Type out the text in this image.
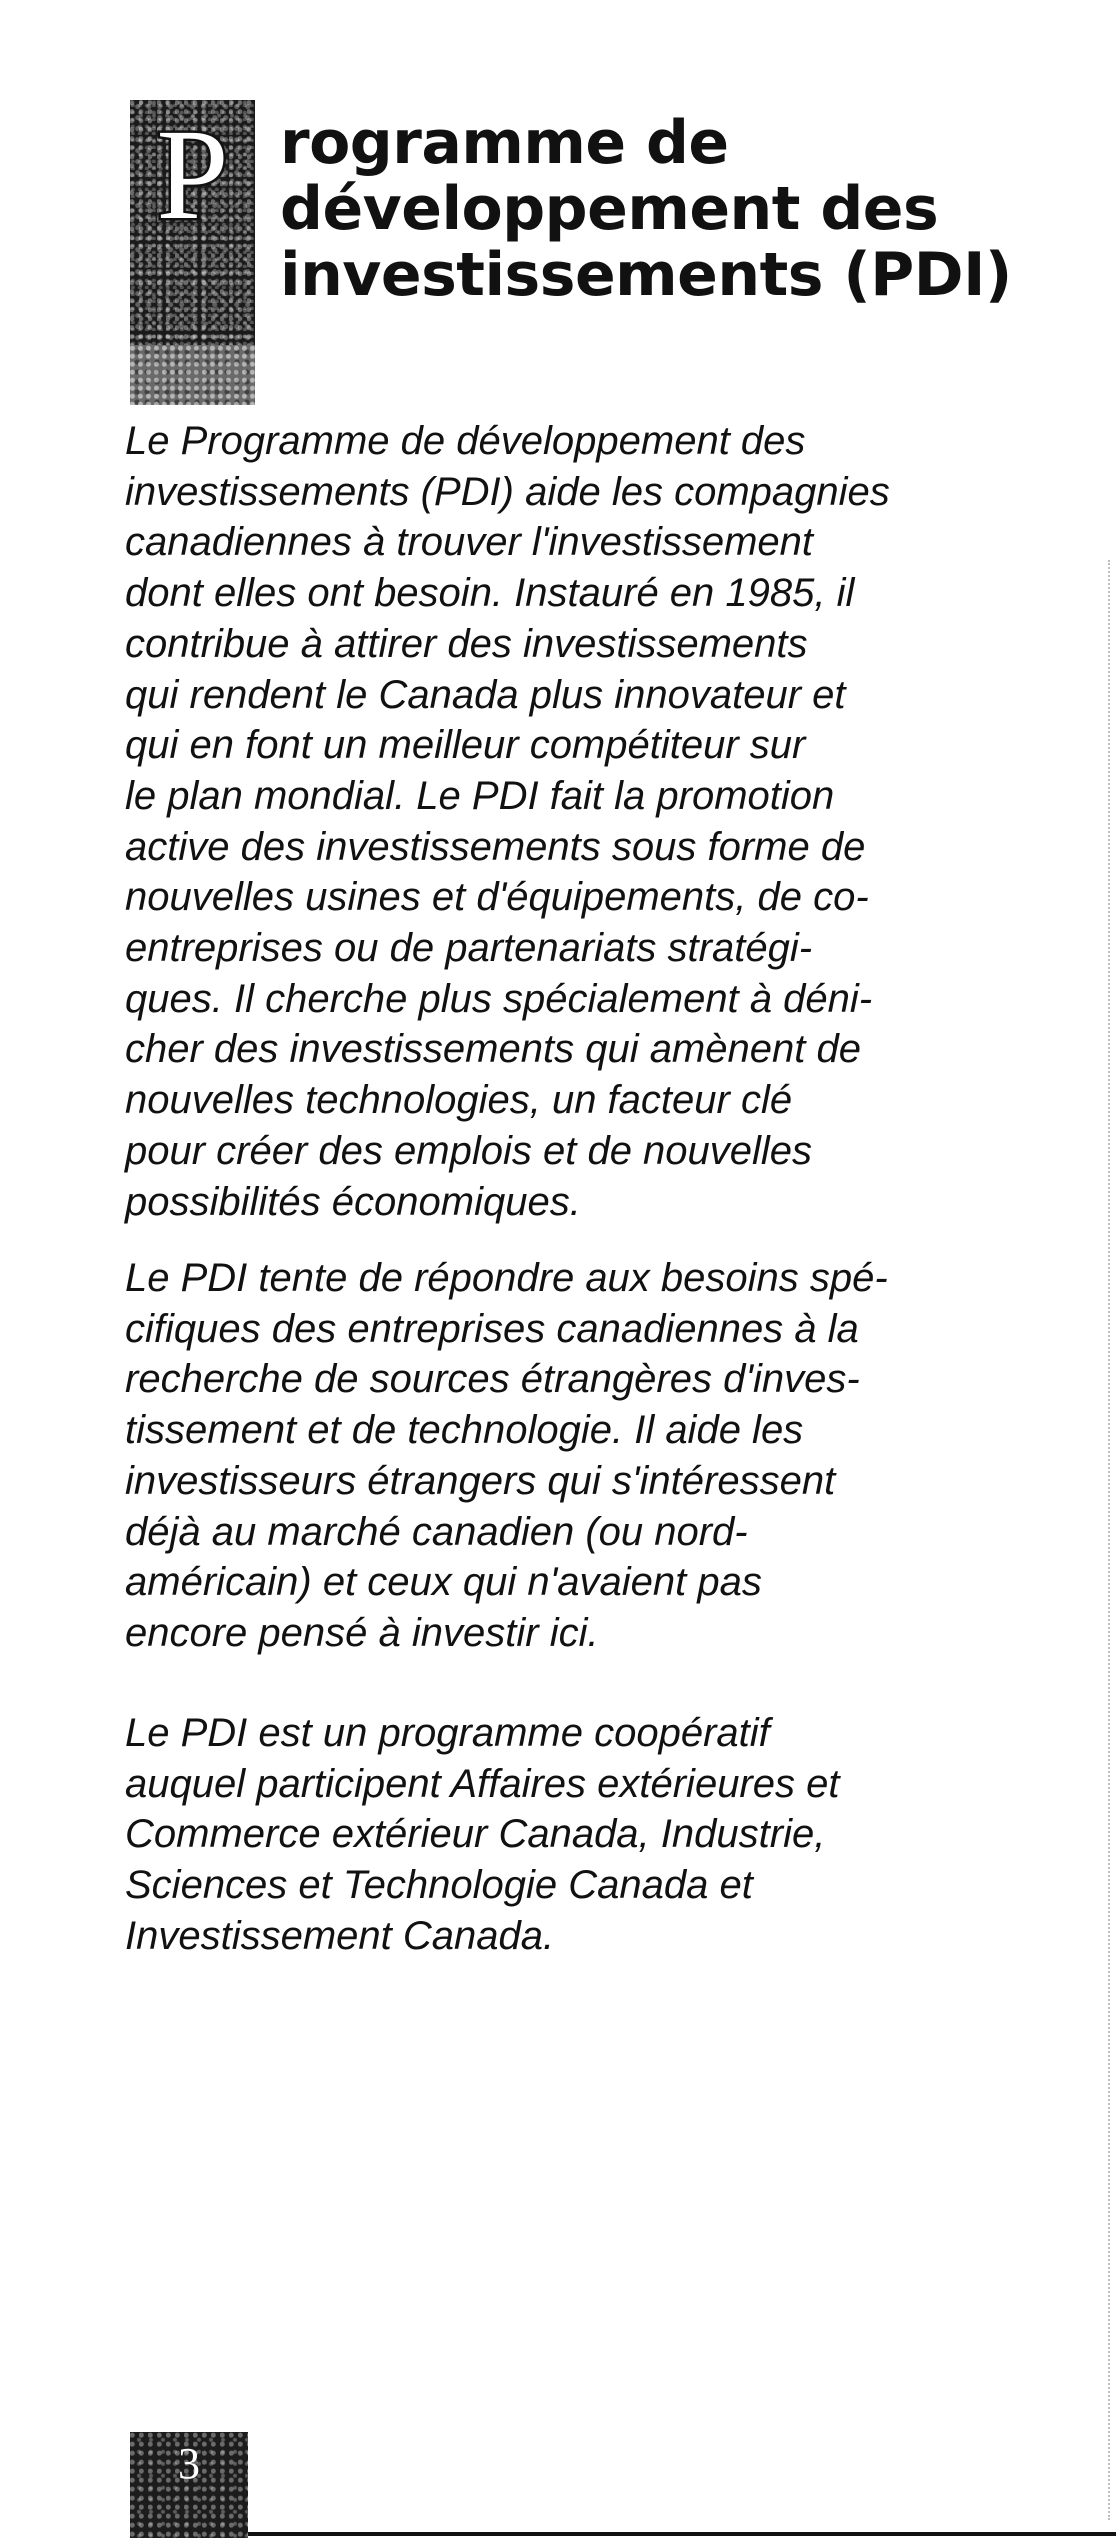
P rogramme de
développement des
investissements (PDI)
Le Programme de développement des
investissements (PDI) aide les compagnies
canadiennes à trouver l'investissement
dont elles ont besoin. Instauré en 1985, il
contribue à attirer des investissements
qui rendent le Canada plus innovateur et
qui en font un meilleur compétiteur sur
le plan mondial. Le PDI fait la promotion
active des investissements sous forme de
nouvelles usines et d'équipements, de co-
entreprises ou de partenariats stratégi-
ques. Il cherche plus spécialement à déni-
cher des investissements qui amènent de
nouvelles technologies, un facteur clé
pour créer des emplois et de nouvelles
possibilités économiques.
Le PDI tente de répondre aux besoins spé-
cifiques des entreprises canadiennes à la
recherche de sources étrangères d'inves-
tissement et de technologie. Il aide les
investisseurs étrangers qui s'intéressent
déjà au marché canadien (ou nord-
américain) et ceux qui n'avaient pas
encore pensé à investir ici.
Le PDI est un programme coopératif
auquel participent Affaires extérieures et
Commerce extérieur Canada, Industrie,
Sciences et Technologie Canada et
Investissement Canada.
3
